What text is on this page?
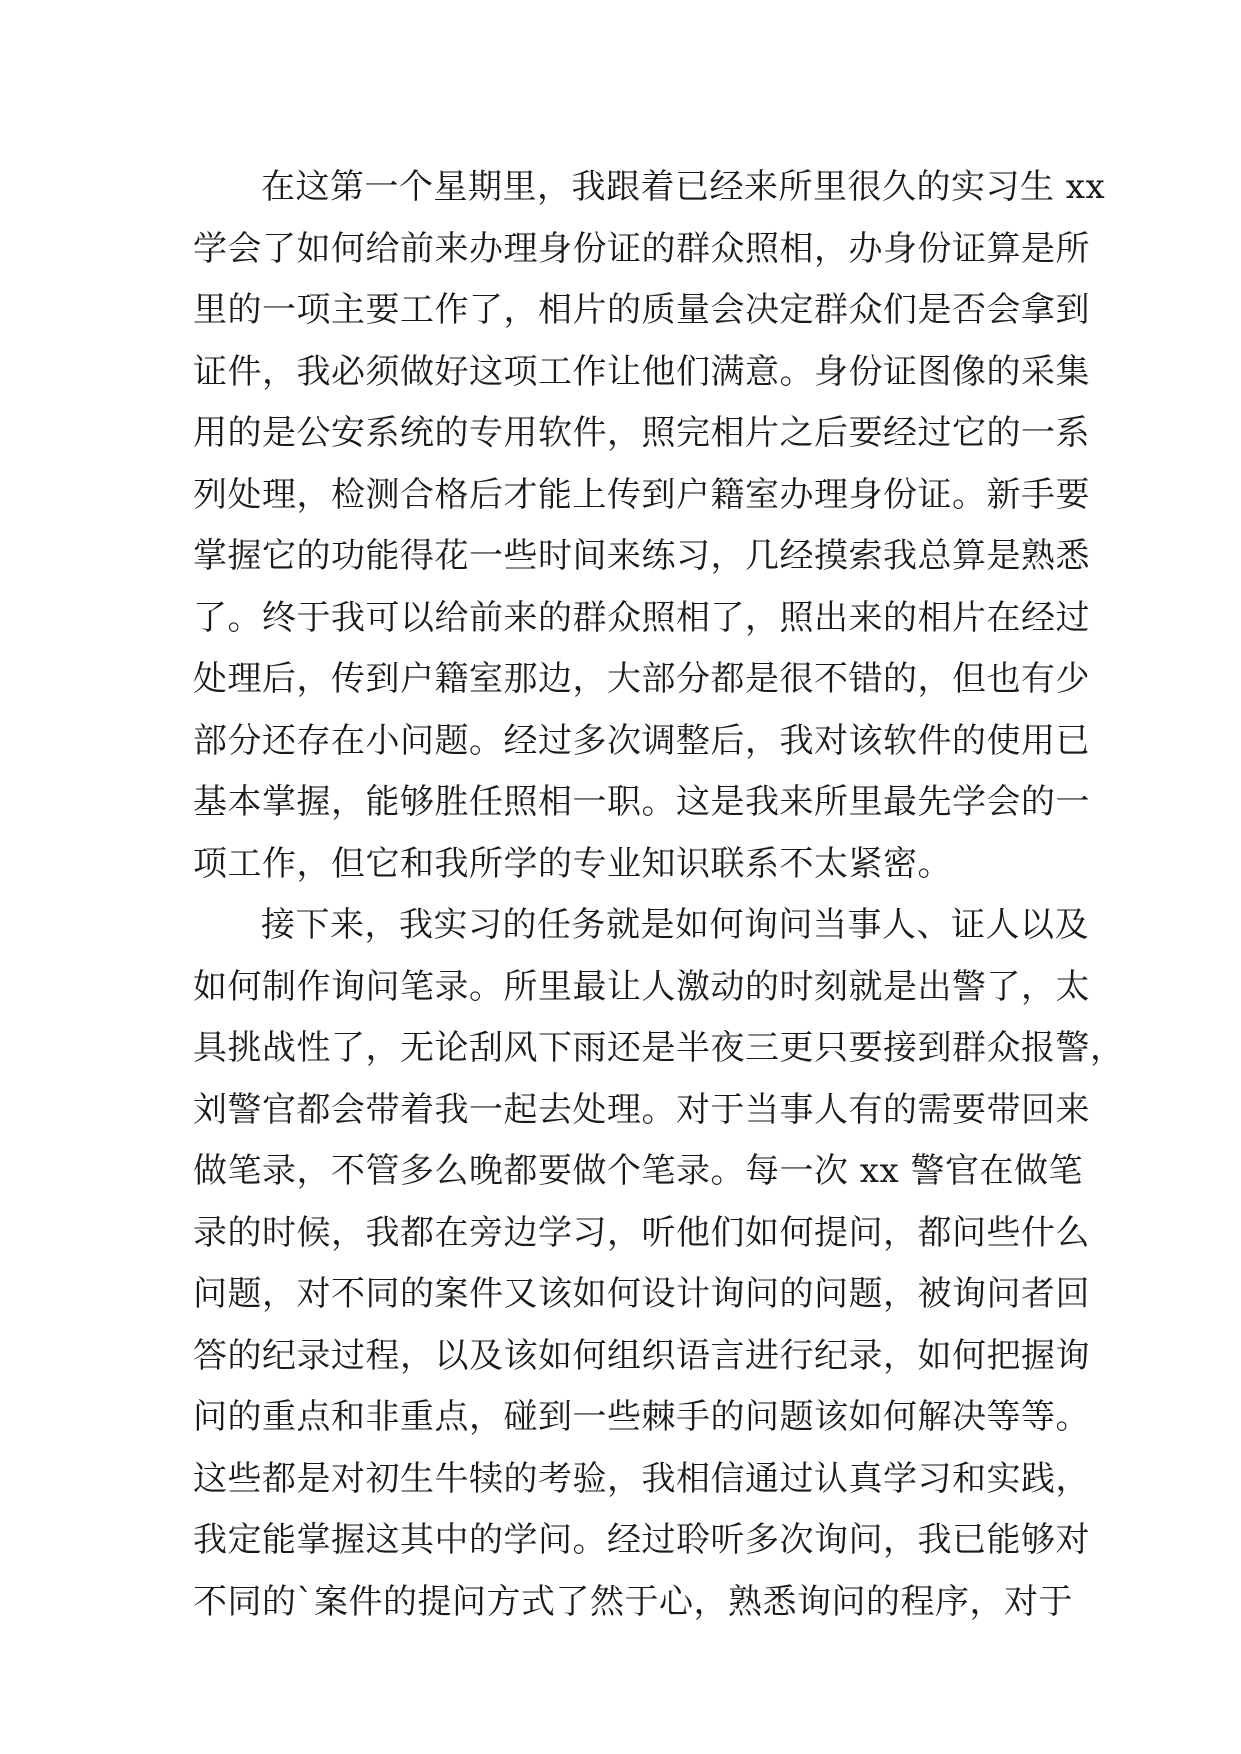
在这第一个星期里，我跟着已经来所里很久的实习生 xx
学会了如何给前来办理身份证的群众照相，办身份证算是所
里的一项主要工作了，相片的质量会决定群众们是否会拿到
证件，我必须做好这项工作让他们满意。身份证图像的采集
用的是公安系统的专用软件，照完相片之后要经过它的一系
列处理，检测合格后才能上传到户籍室办理身份证。新手要
掌握它的功能得花一些时间来练习，几经摸索我总算是熟悉
了。终于我可以给前来的群众照相了，照出来的相片在经过
处理后，传到户籍室那边，大部分都是很不错的，但也有少
部分还存在小问题。经过多次调整后，我对该软件的使用已
基本掌握，能够胜任照相一职。这是我来所里最先学会的一
项工作，但它和我所学的专业知识联系不太紧密。
接下来，我实习的任务就是如何询问当事人、证人以及
如何制作询问笔录。所里最让人激动的时刻就是出警了，太
具挑战性了，无论刮风下雨还是半夜三更只要接到群众报警，
刘警官都会带着我一起去处理。对于当事人有的需要带回来
做笔录，不管多么晚都要做个笔录。每一次 xx 警官在做笔
录的时候，我都在旁边学习，听他们如何提问，都问些什么
问题，对不同的案件又该如何设计询问的问题，被询问者回
答的纪录过程，以及该如何组织语言进行纪录，如何把握询
问的重点和非重点，碰到一些棘手的问题该如何解决等等。
这些都是对初生牛犊的考验，我相信通过认真学习和实践，
我定能掌握这其中的学问。经过聆听多次询问，我已能够对
不同的`案件的提问方式了然于心，熟悉询问的程序，对于
